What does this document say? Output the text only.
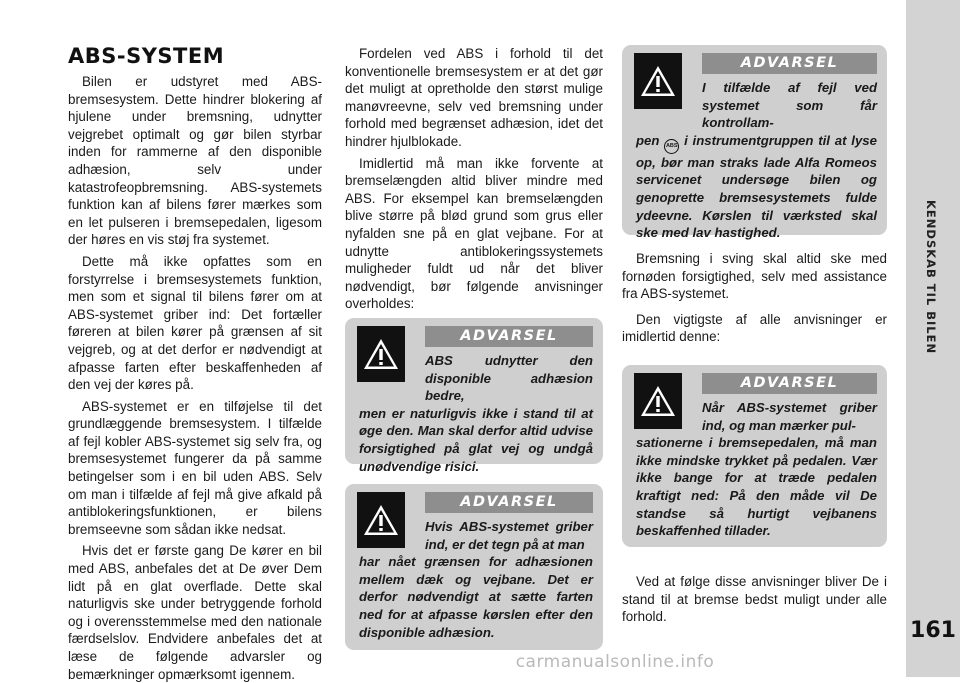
ABS-SYSTEM

Bilen er udstyret med ABS-bremsesystem. Dette hindrer blokering af hjulene under bremsning, udnytter vejgrebet optimalt og gør bilen styrbar inden for rammerne af den disponible adhæsion, selv under katastrofeopbremsning. ABS-systemets funktion kan af bilens fører mærkes som en let pulseren i bremsepedalen, ligesom der høres en vis støj fra systemet.

Dette må ikke opfattes som en forstyrrelse i bremsesystemets funktion, men som et signal til bilens fører om at ABS-systemet griber ind: Det fortæller føreren at bilen kører på grænsen af sit vejgreb, og at det derfor er nødvendigt at afpasse farten efter beskaffenheden af den vej der køres på.

ABS-systemet er en tilføjelse til det grundlæggende bremsesystem. I tilfælde af fejl kobler ABS-systemet sig selv fra, og bremsesystemet fungerer da på samme betingelser som i en bil uden ABS. Selv om man i tilfælde af fejl må give afkald på antiblokeringsfunktionen, er bilens bremseevne som sådan ikke nedsat.

Hvis det er første gang De kører en bil med ABS, anbefales det at De øver Dem lidt på en glat overflade. Dette skal naturligvis ske under betryggende forhold og i overensstemmelse med den nationale færdselslov. Endvidere anbefales det at læse de følgende advarsler og bemærkninger opmærksomt igennem.

Fordelen ved ABS i forhold til det konventionelle bremsesystem er at det gør det muligt at opretholde den størst mulige manøvreevne, selv ved bremsning under forhold med begrænset adhæsion, idet det hindrer hjulblokade.

Imidlertid må man ikke forvente at bremselængden altid bliver mindre med ABS. For eksempel kan bremselængden blive større på blød grund som grus eller nyfalden sne på en glat vejbane. For at udnytte antiblokeringssystemets muligheder fuldt ud når det bliver nødvendigt, bør følgende anvisninger overholdes:

ADVARSEL
ABS udnytter den disponible adhæsion bedre,
men er naturligvis ikke i stand til at øge den. Man skal derfor altid udvise forsigtighed på glat vej og undgå unødvendige risici.
ADVARSEL
Hvis ABS-systemet griber ind, er det tegn på at man
har nået grænsen for adhæsionen mellem dæk og vejbane. Det er derfor nødvendigt at sætte farten ned for at afpasse kørslen efter den disponible adhæsion.
ADVARSEL
I tilfælde af fejl ved systemet som får kontrollam-
pen ABS i instrumentgruppen til at lyse op, bør man straks lade Alfa Romeos servicenet undersøge bilen og genoprette bremsesystemets fulde ydeevne. Kørslen til værksted skal ske med lav hastighed.

Bremsning i sving skal altid ske med fornøden forsigtighed, selv med assistance fra ABS-systemet.

Den vigtigste af alle anvisninger er imidlertid denne:

ADVARSEL
Når ABS-systemet griber ind, og man mærker pul-
sationerne i bremsepedalen, må man ikke mindske trykket på pedalen. Vær ikke bange for at træde pedalen kraftigt ned: På den måde vil De standse så hurtigt vejbanens beskaffenhed tillader.

Ved at følge disse anvisninger bliver De i stand til at bremse bedst muligt under alle forhold.

KENDSKAB TIL BILEN
161
carmanualsonline.info
